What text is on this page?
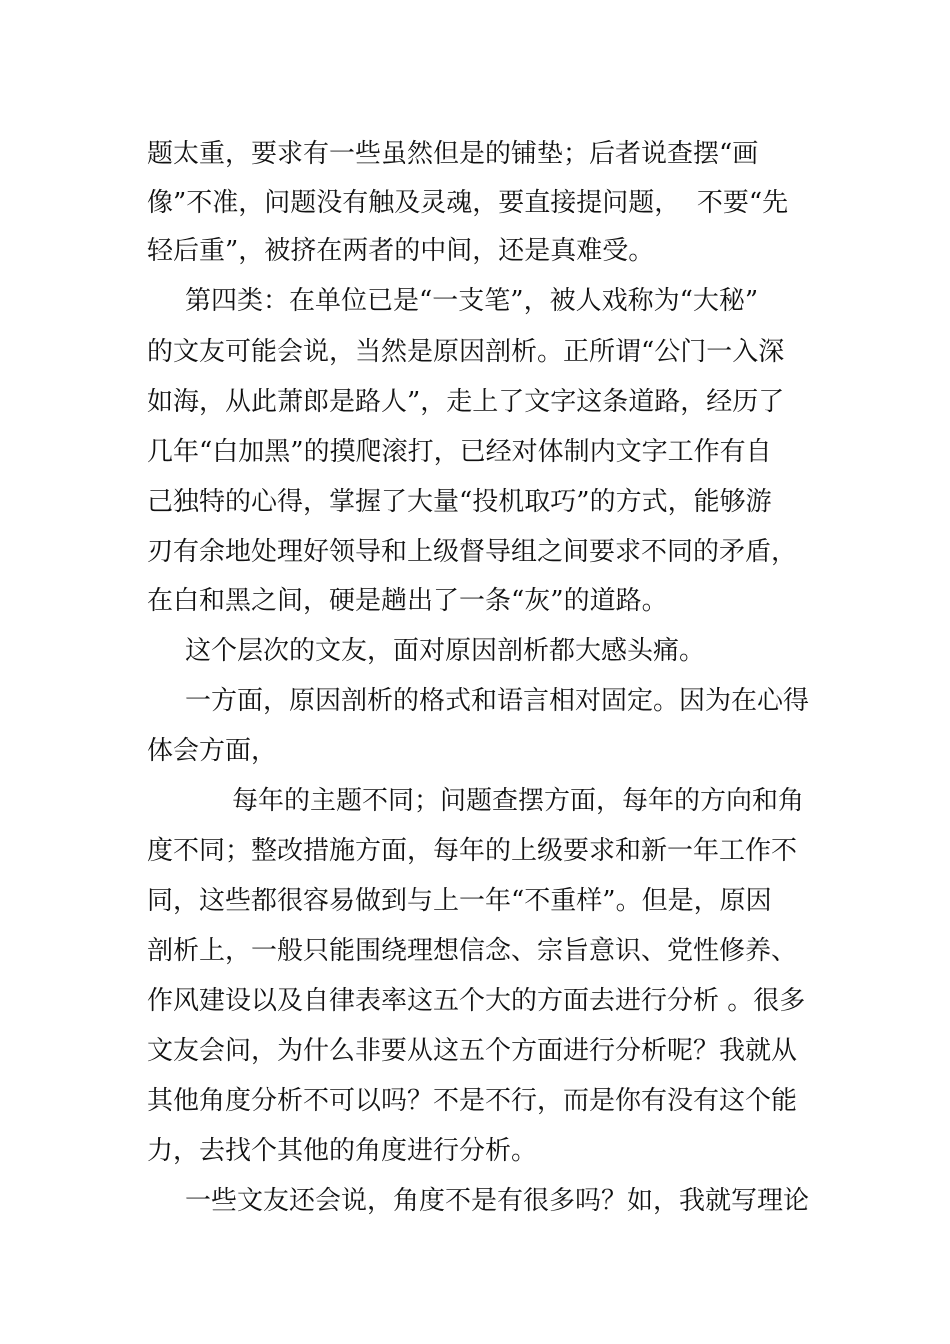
题太重，要求有一些虽然但是的铺垫；后者说查摆“画

像”不准，问题没有触及灵魂，要直接提问题，  不要“先

轻后重”，被挤在两者的中间，还是真难受。

第四类：在单位已是“一支笔”，被人戏称为“大秘”

的文友可能会说，当然是原因剖析。正所谓“公门一入深

如海，从此萧郎是路人”，走上了文字这条道路，经历了

几年“白加黑”的摸爬滚打，已经对体制内文字工作有自

己独特的心得，掌握了大量“投机取巧”的方式，能够游

刃有余地处理好领导和上级督导组之间要求不同的矛盾，

在白和黑之间，硬是趟出了一条“灰”的道路。

这个层次的文友，面对原因剖析都大感头痛。

一方面，原因剖析的格式和语言相对固定。因为在心得

体会方面，

每年的主题不同；问题查摆方面，每年的方向和角

度不同；整改措施方面，每年的上级要求和新一年工作不

同，这些都很容易做到与上一年“不重样”。但是，原因

剖析上，一般只能围绕理想信念、宗旨意识、党性修养、

作风建设以及自律表率这五个大的方面去进行分析 。很多

文友会问，为什么非要从这五个方面进行分析呢？我就从

其他角度分析不可以吗？不是不行，而是你有没有这个能

力，去找个其他的角度进行分析。

一些文友还会说，角度不是有很多吗？如，我就写理论
